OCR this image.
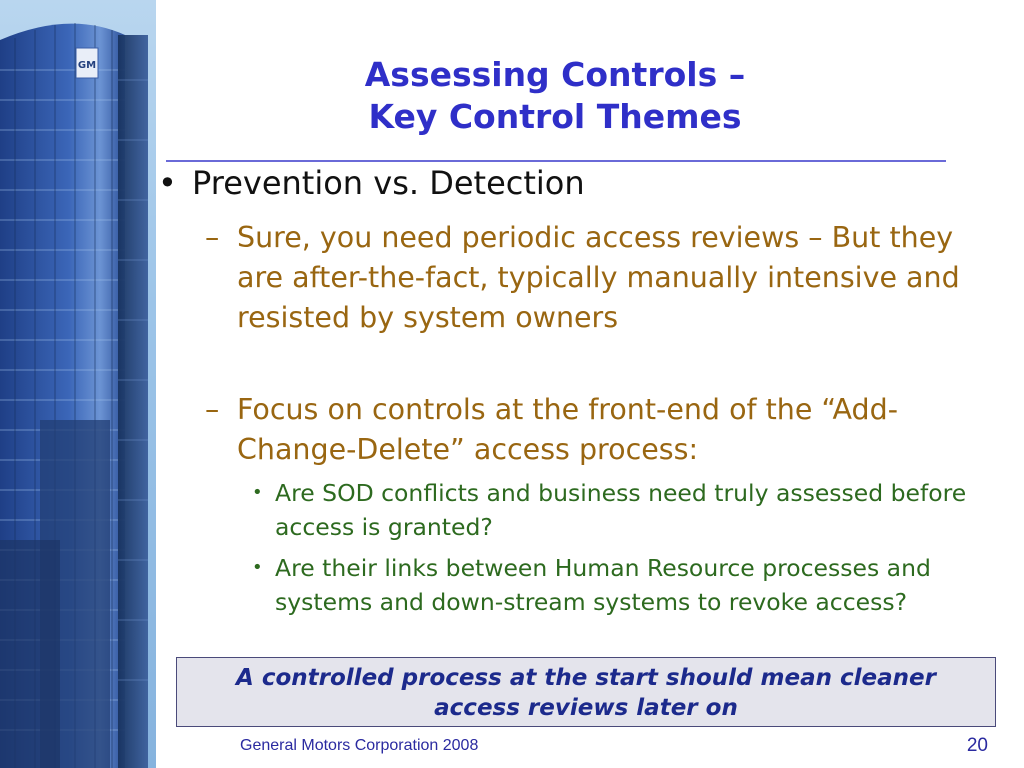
GM	Assessing Controls –
Key Control Themes
• Prevention vs. Detection
– Sure, you need periodic access reviews – But they are after-the-fact, typically manually intensive and resisted by system owners
– Focus on controls at the front-end of the “Add-Change-Delete” access process:
• Are SOD conflicts and business need truly assessed before access is granted?
• Are their links between Human Resource processes and systems and down-stream systems to revoke access?
A controlled process at the start should mean cleaner
access reviews later on
General Motors Corporation 2008	20
